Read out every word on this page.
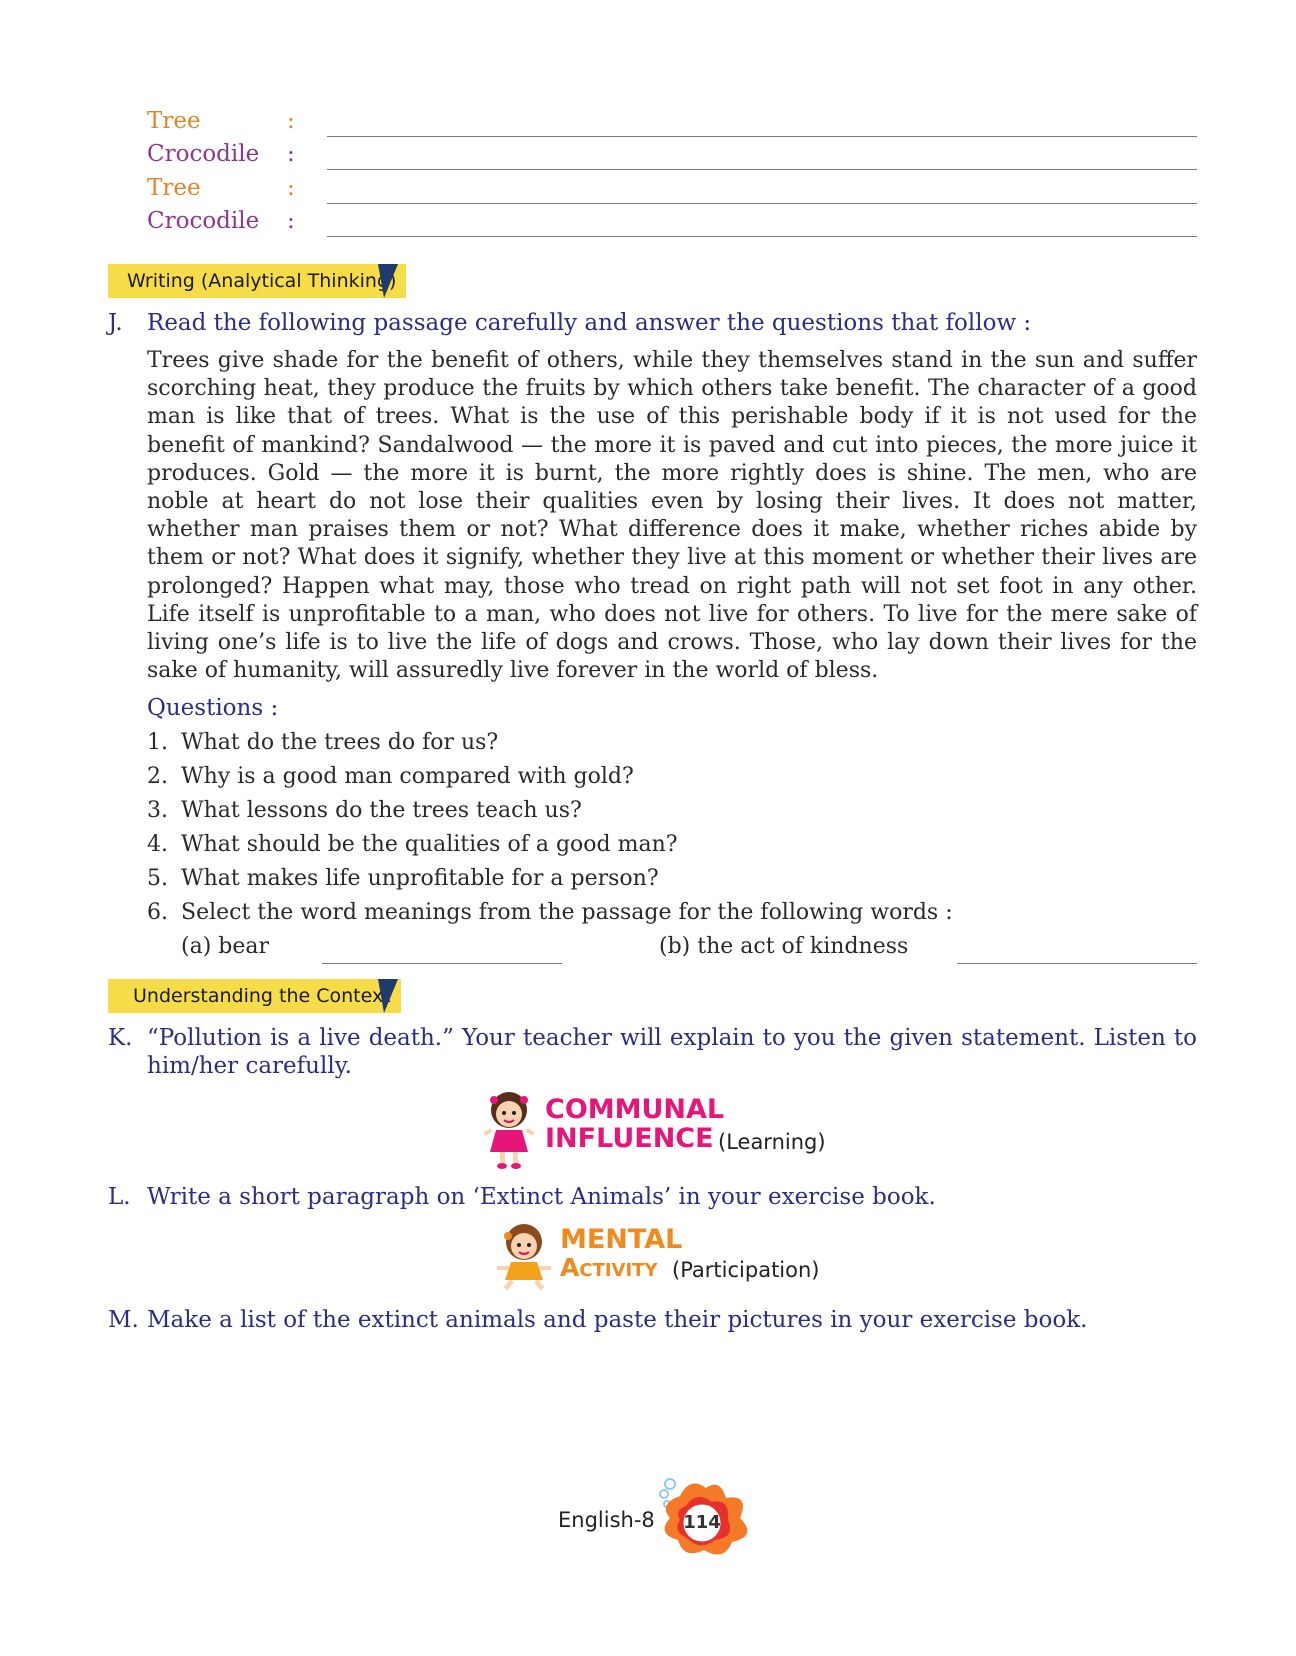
Tree	:
Crocodile :
Tree	:
Crocodile :
Writing (Analytical Thinking)
J. Read the following passage carefully and answer the questions that follow :
Trees give shade for the benefit of others, while they themselves stand in the sun and suffer scorching heat, they produce the fruits by which others take benefit. The character of a good man is like that of trees. What is the use of this perishable body if it is not used for the benefit of mankind? Sandalwood — the more it is paved and cut into pieces, the more juice it produces. Gold — the more it is burnt, the more rightly does is shine. The men, who are noble at heart do not lose their qualities even by losing their lives. It does not matter, whether man praises them or not? What difference does it make, whether riches abide by them or not? What does it signify, whether they live at this moment or whether their lives are prolonged? Happen what may, those who tread on right path will not set foot in any other. Life itself is unprofitable to a man, who does not live for others. To live for the mere sake of living one’s life is to live the life of dogs and crows. Those, who lay down their lives for the sake of humanity, will assuredly live forever in the world of bless.
Questions :
1. What do the trees do for us?
2. Why is a good man compared with gold?
3. What lessons do the trees teach us?
4. What should be the qualities of a good man?
5. What makes life unprofitable for a person?
6. Select the word meanings from the passage for the following words :
(a) bear	(b) the act of kindness
Understanding the Context
K. “Pollution is a live death.” Your teacher will explain to you the given statement. Listen to him/her carefully.
COMMUNAL
INFLUENCE (Learning)
L. Write a short paragraph on ‘Extinct Animals’ in your exercise book.
MENTAL
Activity (Participation)
M. Make a list of the extinct animals and paste their pictures in your exercise book.
English-8 114
